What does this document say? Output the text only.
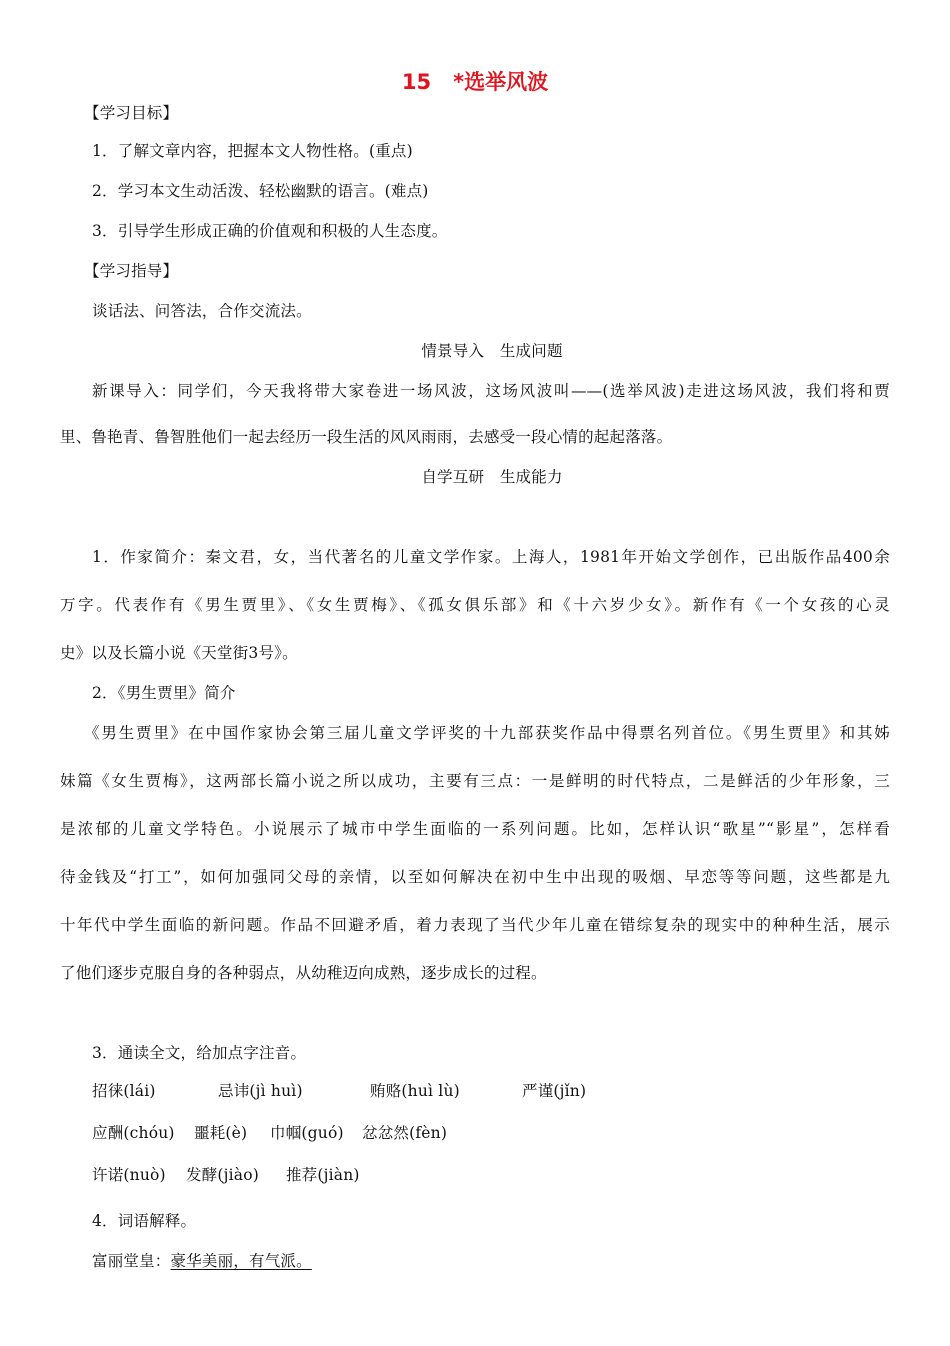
15 *选举风波
【学习目标】
1．了解文章内容，把握本文人物性格。(重点)
2．学习本文生动活泼、轻松幽默的语言。(难点)
3．引导学生形成正确的价值观和积极的人生态度。
【学习指导】
谈话法、问答法，合作交流法。
情景导入　生成问题
新课导入：同学们，今天我将带大家卷进一场风波，这场风波叫——(选举风波)走进这场风波，我们将和贾
里、鲁艳青、鲁智胜他们一起去经历一段生活的风风雨雨，去感受一段心情的起起落落。
自学互研　生成能力
1．作家简介：秦文君，女，当代著名的儿童文学作家。上海人，1981年开始文学创作，已出版作品400余
万字。代表作有《男生贾里》、《女生贾梅》、《孤女俱乐部》和《十六岁少女》。新作有《一个女孩的心灵
史》以及长篇小说《天堂街3号》。
2．《男生贾里》简介
《男生贾里》在中国作家协会第三届儿童文学评奖的十九部获奖作品中得票名列首位。《男生贾里》和其姊
妹篇《女生贾梅》，这两部长篇小说之所以成功，主要有三点：一是鲜明的时代特点，二是鲜活的少年形象，三
是浓郁的儿童文学特色。小说展示了城市中学生面临的一系列问题。比如，怎样认识“歌星”“影星”，怎样看
待金钱及“打工”，如何加强同父母的亲情，以至如何解决在初中生中出现的吸烟、早恋等等问题，这些都是九
十年代中学生面临的新问题。作品不回避矛盾，着力表现了当代少年儿童在错综复杂的现实中的种种生活，展示
了他们逐步克服自身的各种弱点，从幼稚迈向成熟，逐步成长的过程。
3．通读全文，给加点字注音。
招徕(lái)	忌讳(jì huì)	贿赂(huì lù)	严谨(jǐn)
应酬(chóu) 噩耗(è) 巾帼(guó) 忿忿然(fèn)
许诺(nuò) 发酵(jiào) 推荐(jiàn)
4．词语解释。
富丽堂皇：豪华美丽，有气派。
